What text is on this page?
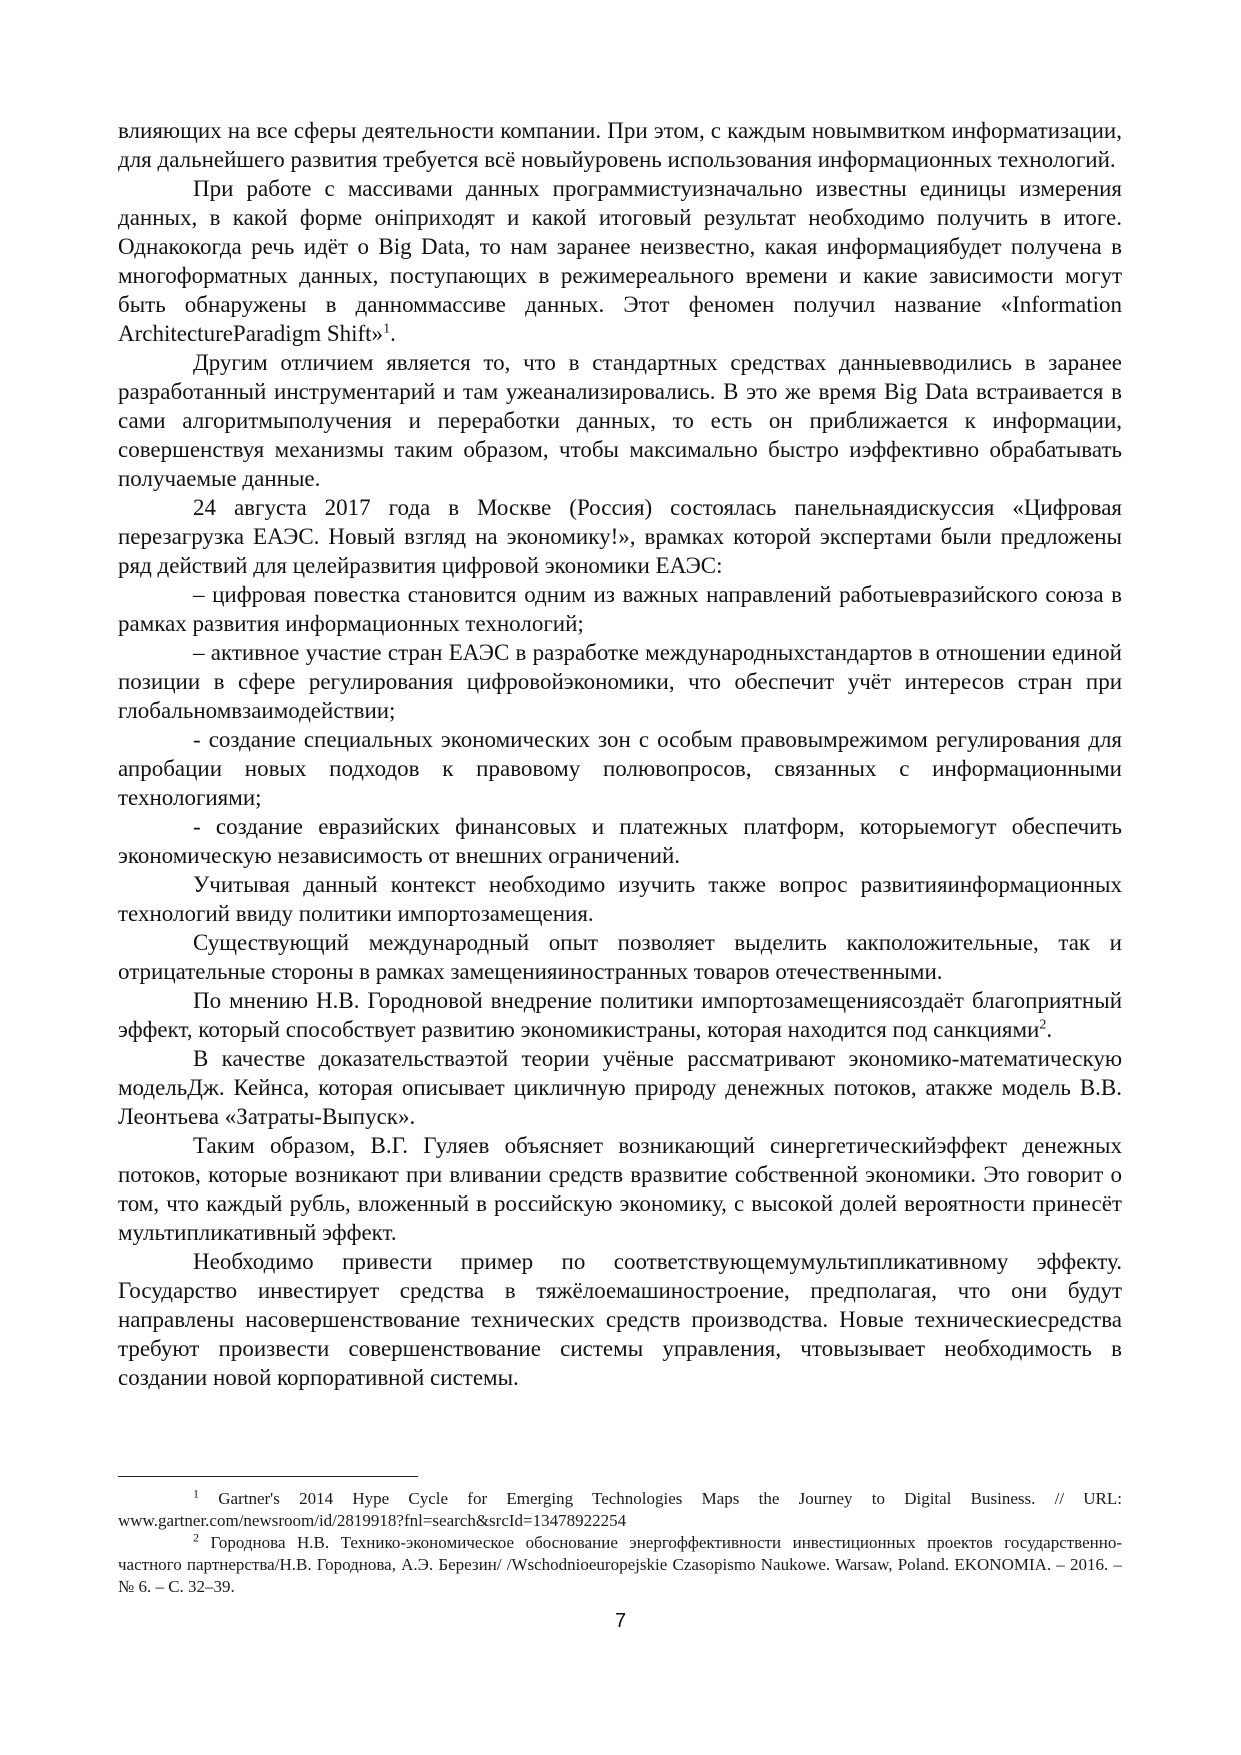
влияющих на все сферы деятельности компании. При этом, с каждым новымвитком информатизации, для дальнейшего развития требуется всё новыйуровень использования информационных технологий.

При работе с массивами данных программистуизначально известны единицы измерения данных, в какой форме онiприходят и какой итоговый результат необходимо получить в итоге. Однакокогда речь идёт о Big Data, то нам заранее неизвестно, какая информациябудет получена в многоформатных данных, поступающих в режимереального времени и какие зависимости могут быть обнаружены в данноммассиве данных. Этот феномен получил название «Information ArchitectureParadigm Shift»$^1$.

Другим отличием является то, что в стандартных средствах данныевводились в заранее разработанный инструментарий и там ужеанализировались. В это же время Big Data встраивается в сами алгоритмыполучения и переработки данных, то есть он приближается к информации, совершенствуя механизмы таким образом, чтобы максимально быстро иэффективно обрабатывать получаемые данные.

24 августа 2017 года в Москве (Россия) состоялась панельнаядискуссия «Цифровая перезагрузка ЕАЭС. Новый взгляд на экономику!», врамках которой экспертами были предложены ряд действий для целейразвития цифровой экономики ЕАЭС:

– цифровая повестка становится одним из важных направлений работыевразийского союза в рамках развития информационных технологий;

– активное участие стран ЕАЭС в разработке международныхстандартов в отношении единой позиции в сфере регулирования цифровойэкономики, что обеспечит учёт интересов стран при глобальномвзаимодействии;

- создание специальных экономических зон с особым правовымрежимом регулирования для апробации новых подходов к правовому полювопросов, связанных с информационными технологиями;

- создание евразийских финансовых и платежных платформ, которыемогут обеспечить экономическую независимость от внешних ограничений.

Учитывая данный контекст необходимо изучить также вопрос развитияинформационных технологий ввиду политики импортозамещения.

Существующий международный опыт позволяет выделить какположительные, так и отрицательные стороны в рамках замещенияиностранных товаров отечественными.

По мнению Н.В. Городновой внедрение политики импортозамещениясоздаёт благоприятный эффект, который способствует развитию экономикистраны, которая находится под санкциями$^2$.

В качестве доказательстваэтой теории учёные рассматривают экономико-математическую модельДж. Кейнса, которая описывает цикличную природу денежных потоков, атакже модель В.В. Леонтьева «Затраты-Выпуск».

Таким образом, В.Г. Гуляев объясняет возникающий синергетическийэффект денежных потоков, которые возникают при вливании средств вразвитие собственной экономики. Это говорит о том, что каждый рубль, вложенный в российскую экономику, с высокой долей вероятности принесёт мультипликативный эффект.

Необходимо привести пример по соответствующемумультипликативному эффекту. Государство инвестирует средства в тяжёлоемашиностроение, предполагая, что они будут направлены насовершенствование технических средств производства. Новые техническиесредства требуют произвести совершенствование системы управления, чтовызывает необходимость в создании новой корпоративной системы.

$^1$ Gartner's 2014 Hype Cycle for Emerging Technologies Maps the Journey to Digital Business. // URL: www.gartner.com/newsroom/id/2819918?fnl=search&srcId=13478922254

$^2$ Городнова Н.В. Технико-экономическое обоснование энергоффективности инвестиционных проектов государственно-частного партнерства/Н.В. Городнова, А.Э. Березин/ /Wschodnioeuropejskie Czasopismo Naukowe. Warsaw, Poland. EKONOMIA. – 2016. – № 6. – С. 32–39.

7
